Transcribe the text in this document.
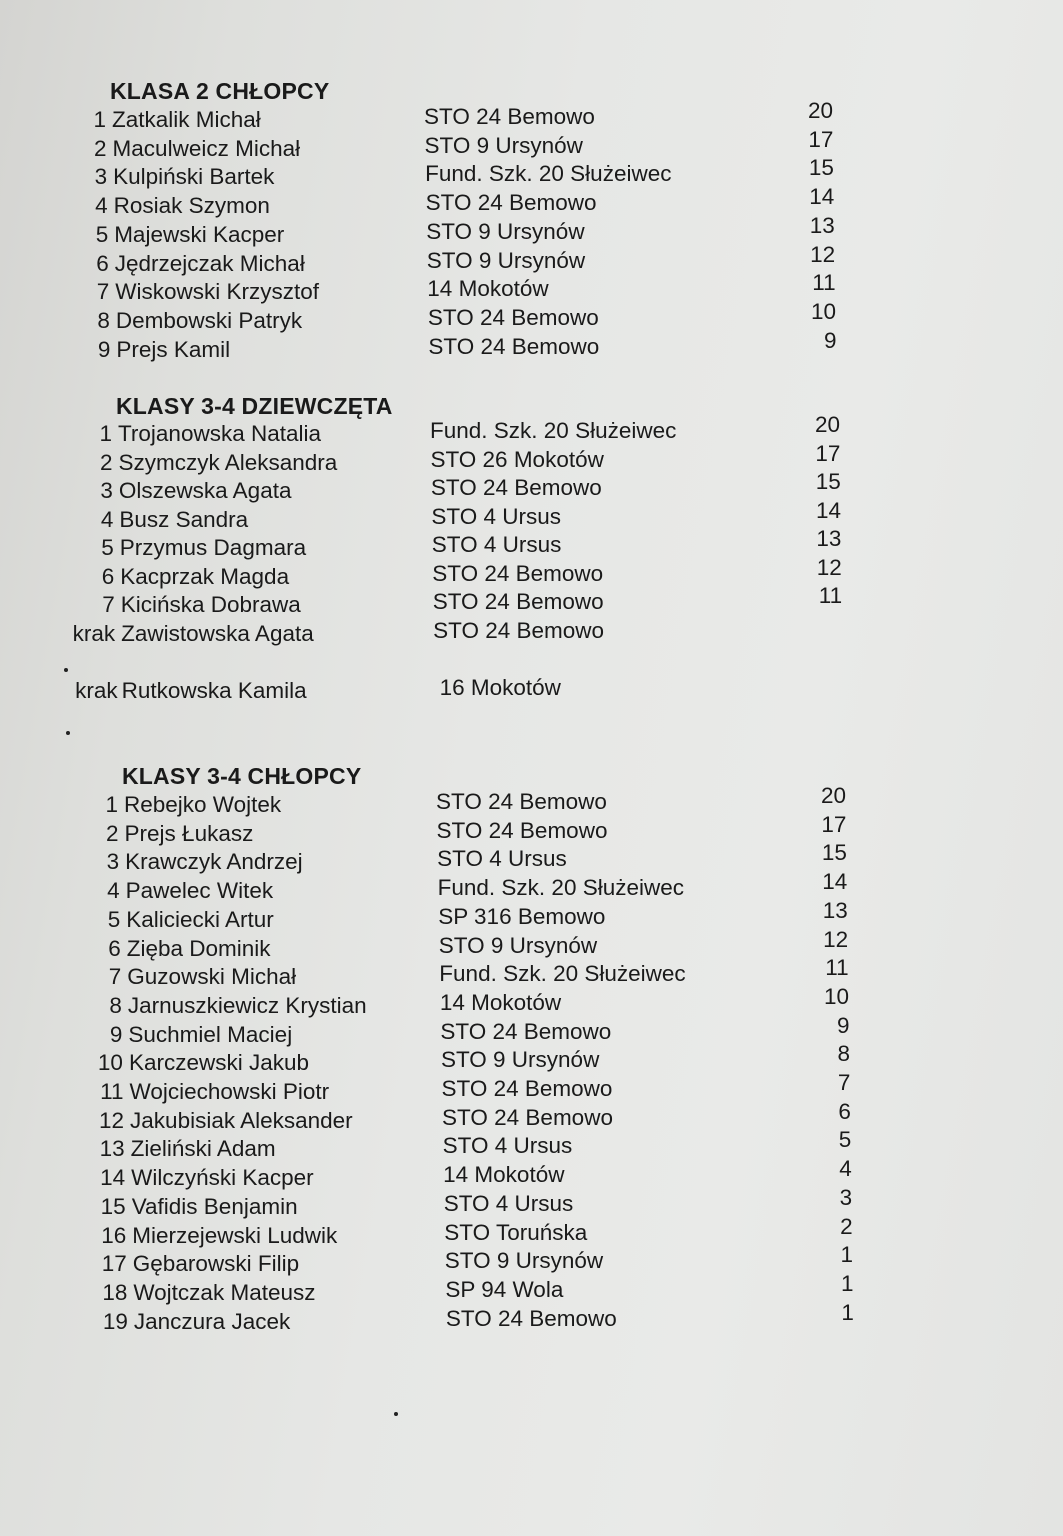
KLASA 2 CHŁOPCY
1 Zatkalik Michał	STO 24 Bemowo	20
2 Maculweicz Michał	STO 9 Ursynów	17
3 Kulpiński Bartek	Fund. Szk. 20 Służeiwec	15
4 Rosiak Szymon	STO 24 Bemowo	14
5 Majewski Kacper	STO 9 Ursynów	13
6 Jędrzejczak Michał	STO 9 Ursynów	12
7 Wiskowski Krzysztof	14 Mokotów	11
8 Dembowski Patryk	STO 24 Bemowo	10
9 Prejs Kamil	STO 24 Bemowo	9
KLASY 3-4 DZIEWCZĘTA
1 Trojanowska Natalia	Fund. Szk. 20 Służeiwec	20
2 Szymczyk Aleksandra	STO 26 Mokotów	17
3 Olszewska Agata	STO 24 Bemowo	15
4 Busz Sandra	STO 4 Ursus	14
5 Przymus Dagmara	STO 4 Ursus	13
6 Kacprzak Magda	STO 24 Bemowo	12
7 Kicińska Dobrawa	STO 24 Bemowo	11
krak Zawistowska Agata	STO 24 Bemowo
krak Rutkowska Kamila	16 Mokotów
KLASY 3-4 CHŁOPCY
1 Rebejko Wojtek	STO 24 Bemowo	20
2 Prejs Łukasz	STO 24 Bemowo	17
3 Krawczyk Andrzej	STO 4 Ursus	15
4 Pawelec Witek	Fund. Szk. 20 Służeiwec	14
5 Kaliciecki Artur	SP 316 Bemowo	13
6 Zięba Dominik	STO 9 Ursynów	12
7 Guzowski Michał	Fund. Szk. 20 Służeiwec	11
8 Jarnuszkiewicz Krystian	14 Mokotów	10
9 Suchmiel Maciej	STO 24 Bemowo	9
10 Karczewski Jakub	STO 9 Ursynów	8
11 Wojciechowski Piotr	STO 24 Bemowo	7
12 Jakubisiak Aleksander	STO 24 Bemowo	6
13 Zieliński Adam	STO 4 Ursus	5
14 Wilczyński Kacper	14 Mokotów	4
15 Vafidis Benjamin	STO 4 Ursus	3
16 Mierzejewski Ludwik	STO Toruńska	2
17 Gębarowski Filip	STO 9 Ursynów	1
18 Wojtczak Mateusz	SP 94 Wola	1
19 Janczura Jacek	STO 24 Bemowo	1
